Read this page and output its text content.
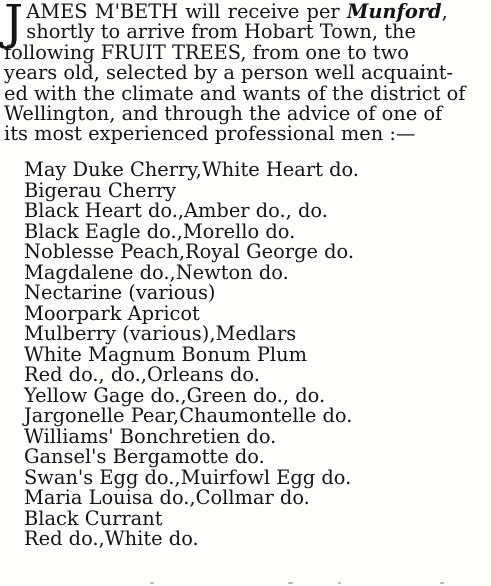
J AMES M'BETH will receive per Munford,
shortly to arrive from Hobart Town, the
following FRUIT TREES, from one to two
years old, selected by a person well acquaint-
ed with the climate and wants of the district of
Wellington, and through the advice of one of
its most experienced professional men :—
May Duke Cherry,White Heart do.
Bigerau Cherry
Black Heart do.,Amber do., do.
Black Eagle do.,Morello do.
Noblesse Peach,Royal George do.
Magdalene do.,Newton do.
Nectarine (various)
Moorpark Apricot
Mulberry (various),Medlars
White Magnum Bonum Plum
Red do., do.,Orleans do.
Yellow Gage do.,Green do., do.
Jargonelle Pear,Chaumontelle do.
Williams' Bonchretien do.
Gansel's Bergamotte do.
Swan's Egg do.,Muirfowl Egg do.
Maria Louisa do.,Collmar do.
Black Currant
Red do.,White do.
